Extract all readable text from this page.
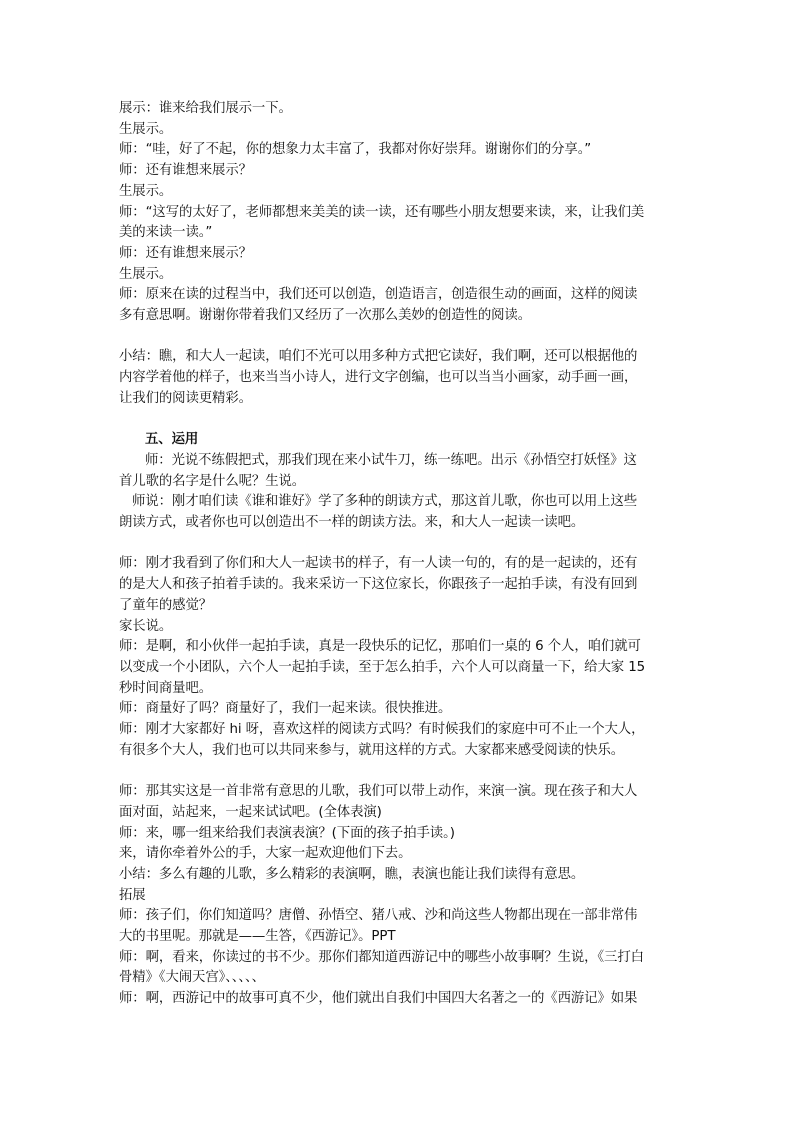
展示：谁来给我们展示一下。
生展示。
师：“哇，好了不起，你的想象力太丰富了，我都对你好崇拜。谢谢你们的分享。”
师：还有谁想来展示？
生展示。
师：“这写的太好了，老师都想来美美的读一读，还有哪些小朋友想要来读，来，让我们美
美的来读一读。”
师：还有谁想来展示？
生展示。
师：原来在读的过程当中，我们还可以创造，创造语言，创造很生动的画面，这样的阅读
多有意思啊。谢谢你带着我们又经历了一次那么美妙的创造性的阅读。
小结：瞧，和大人一起读，咱们不光可以用多种方式把它读好，我们啊，还可以根据他的
内容学着他的样子，也来当当小诗人，进行文字创编，也可以当当小画家，动手画一画，
让我们的阅读更精彩。
五、运用
师：光说不练假把式，那我们现在来小试牛刀，练一练吧。出示《孙悟空打妖怪》这
首儿歌的名字是什么呢？生说。
师说：刚才咱们读《谁和谁好》学了多种的朗读方式，那这首儿歌，你也可以用上这些
朗读方式，或者你也可以创造出不一样的朗读方法。来，和大人一起读一读吧。
师：刚才我看到了你们和大人一起读书的样子，有一人读一句的，有的是一起读的，还有
的是大人和孩子拍着手读的。我来采访一下这位家长，你跟孩子一起拍手读，有没有回到
了童年的感觉？
家长说。
师：是啊，和小伙伴一起拍手读，真是一段快乐的记忆，那咱们一桌的 6 个人，咱们就可
以变成一个小团队，六个人一起拍手读，至于怎么拍手，六个人可以商量一下，给大家 15
秒时间商量吧。
师：商量好了吗？商量好了，我们一起来读。很快推进。
师：刚才大家都好 hi 呀，喜欢这样的阅读方式吗？有时候我们的家庭中可不止一个大人，
有很多个大人，我们也可以共同来参与，就用这样的方式。大家都来感受阅读的快乐。
师：那其实这是一首非常有意思的儿歌，我们可以带上动作，来演一演。现在孩子和大人
面对面，站起来，一起来试试吧。(全体表演)
师：来，哪一组来给我们表演表演？(下面的孩子拍手读。)
来，请你牵着外公的手，大家一起欢迎他们下去。
小结：多么有趣的儿歌，多么精彩的表演啊，瞧，表演也能让我们读得有意思。
拓展
师：孩子们，你们知道吗？唐僧、孙悟空、猪八戒、沙和尚这些人物都出现在一部非常伟
大的书里呢。那就是——生答，《西游记》。PPT
师：啊，看来，你读过的书不少。那你们都知道西游记中的哪些小故事啊？生说，《三打白
骨精》《大闹天宫》、、、、、
师：啊，西游记中的故事可真不少，他们就出自我们中国四大名著之一的《西游记》如果
